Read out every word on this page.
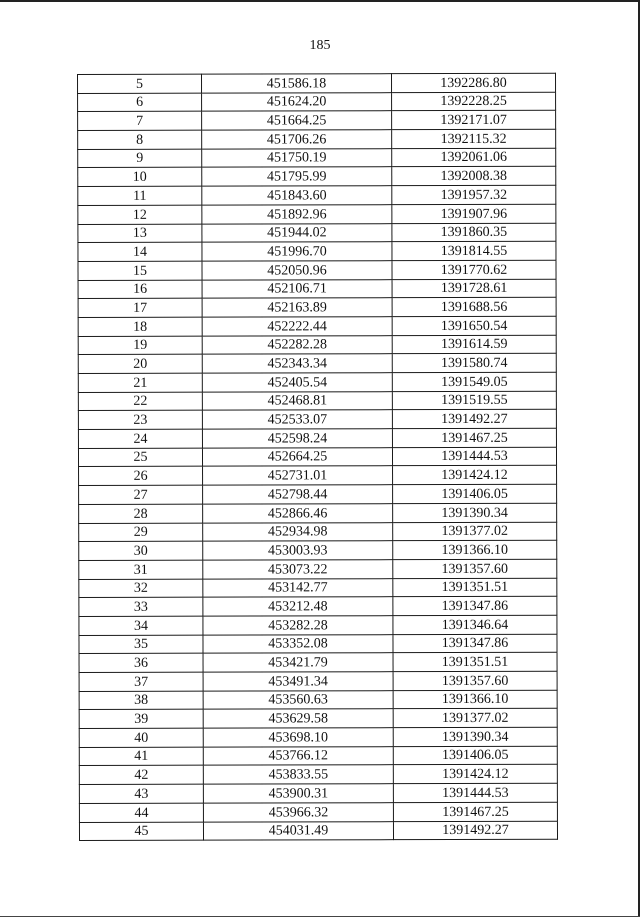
185
5	451586.18	1392286.80
6	451624.20	1392228.25
7	451664.25	1392171.07
8	451706.26	1392115.32
9	451750.19	1392061.06
10	451795.99	1392008.38
11	451843.60	1391957.32
12	451892.96	1391907.96
13	451944.02	1391860.35
14	451996.70	1391814.55
15	452050.96	1391770.62
16	452106.71	1391728.61
17	452163.89	1391688.56
18	452222.44	1391650.54
19	452282.28	1391614.59
20	452343.34	1391580.74
21	452405.54	1391549.05
22	452468.81	1391519.55
23	452533.07	1391492.27
24	452598.24	1391467.25
25	452664.25	1391444.53
26	452731.01	1391424.12
27	452798.44	1391406.05
28	452866.46	1391390.34
29	452934.98	1391377.02
30	453003.93	1391366.10
31	453073.22	1391357.60
32	453142.77	1391351.51
33	453212.48	1391347.86
34	453282.28	1391346.64
35	453352.08	1391347.86
36	453421.79	1391351.51
37	453491.34	1391357.60
38	453560.63	1391366.10
39	453629.58	1391377.02
40	453698.10	1391390.34
41	453766.12	1391406.05
42	453833.55	1391424.12
43	453900.31	1391444.53
44	453966.32	1391467.25
45	454031.49	1391492.27
